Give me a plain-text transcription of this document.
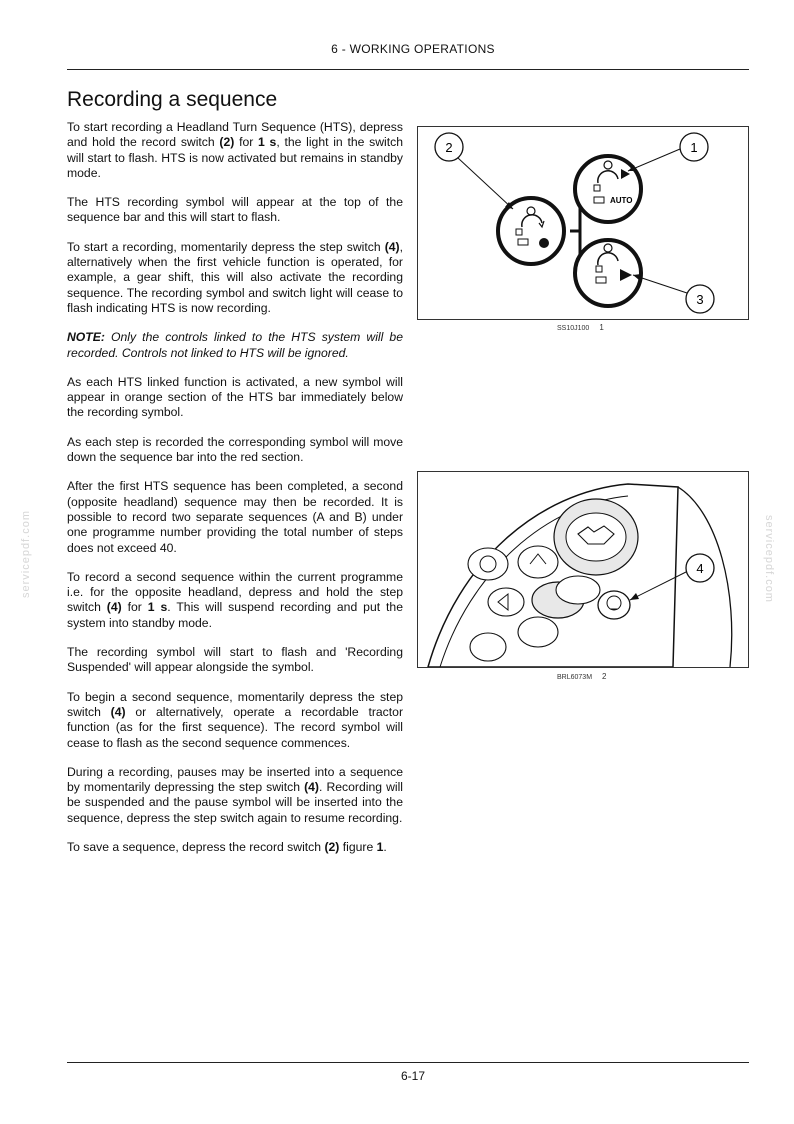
6 - WORKING OPERATIONS
Recording a sequence

To start recording a Headland Turn Sequence (HTS), depress and hold the record switch (2) for 1 s, the light in the switch will start to flash. HTS is now activated but remains in standby mode.

The HTS recording symbol will appear at the top of the sequence bar and this will start to flash.

To start a recording, momentarily depress the step switch (4), alternatively when the first vehicle function is operated, for example, a gear shift, this will also activate the recording sequence. The recording symbol and switch light will cease to flash indicating HTS is now recording.

NOTE: Only the controls linked to the HTS system will be recorded. Controls not linked to HTS will be ignored.

As each HTS linked function is activated, a new symbol will appear in orange section of the HTS bar immediately below the recording symbol.

As each step is recorded the corresponding symbol will move down the sequence bar into the red section.

After the first HTS sequence has been completed, a second (opposite headland) sequence may then be recorded. It is possible to record two separate sequences (A and B) under one programme number providing the total number of steps does not exceed 40.

To record a second sequence within the current programme i.e. for the opposite headland, depress and hold the step switch (4) for 1 s. This will suspend recording and put the system into standby mode.

The recording symbol will start to flash and 'Recording Suspended' will appear alongside the symbol.

To begin a second sequence, momentarily depress the step switch (4) or alternatively, operate a recordable tractor function (as for the first sequence). The record symbol will cease to flash as the second sequence commences.

During a recording, pauses may be inserted into a sequence by momentarily depressing the step switch (4). Recording will be suspended and the pause symbol will be inserted into the sequence, depress the step switch again to resume recording.

To save a sequence, depress the record switch (2) figure 1.

AUTO
2	1
3
SS10J100 1
4
BRL6073M 2
servicepdf.com	servicepdf.com
6-17
